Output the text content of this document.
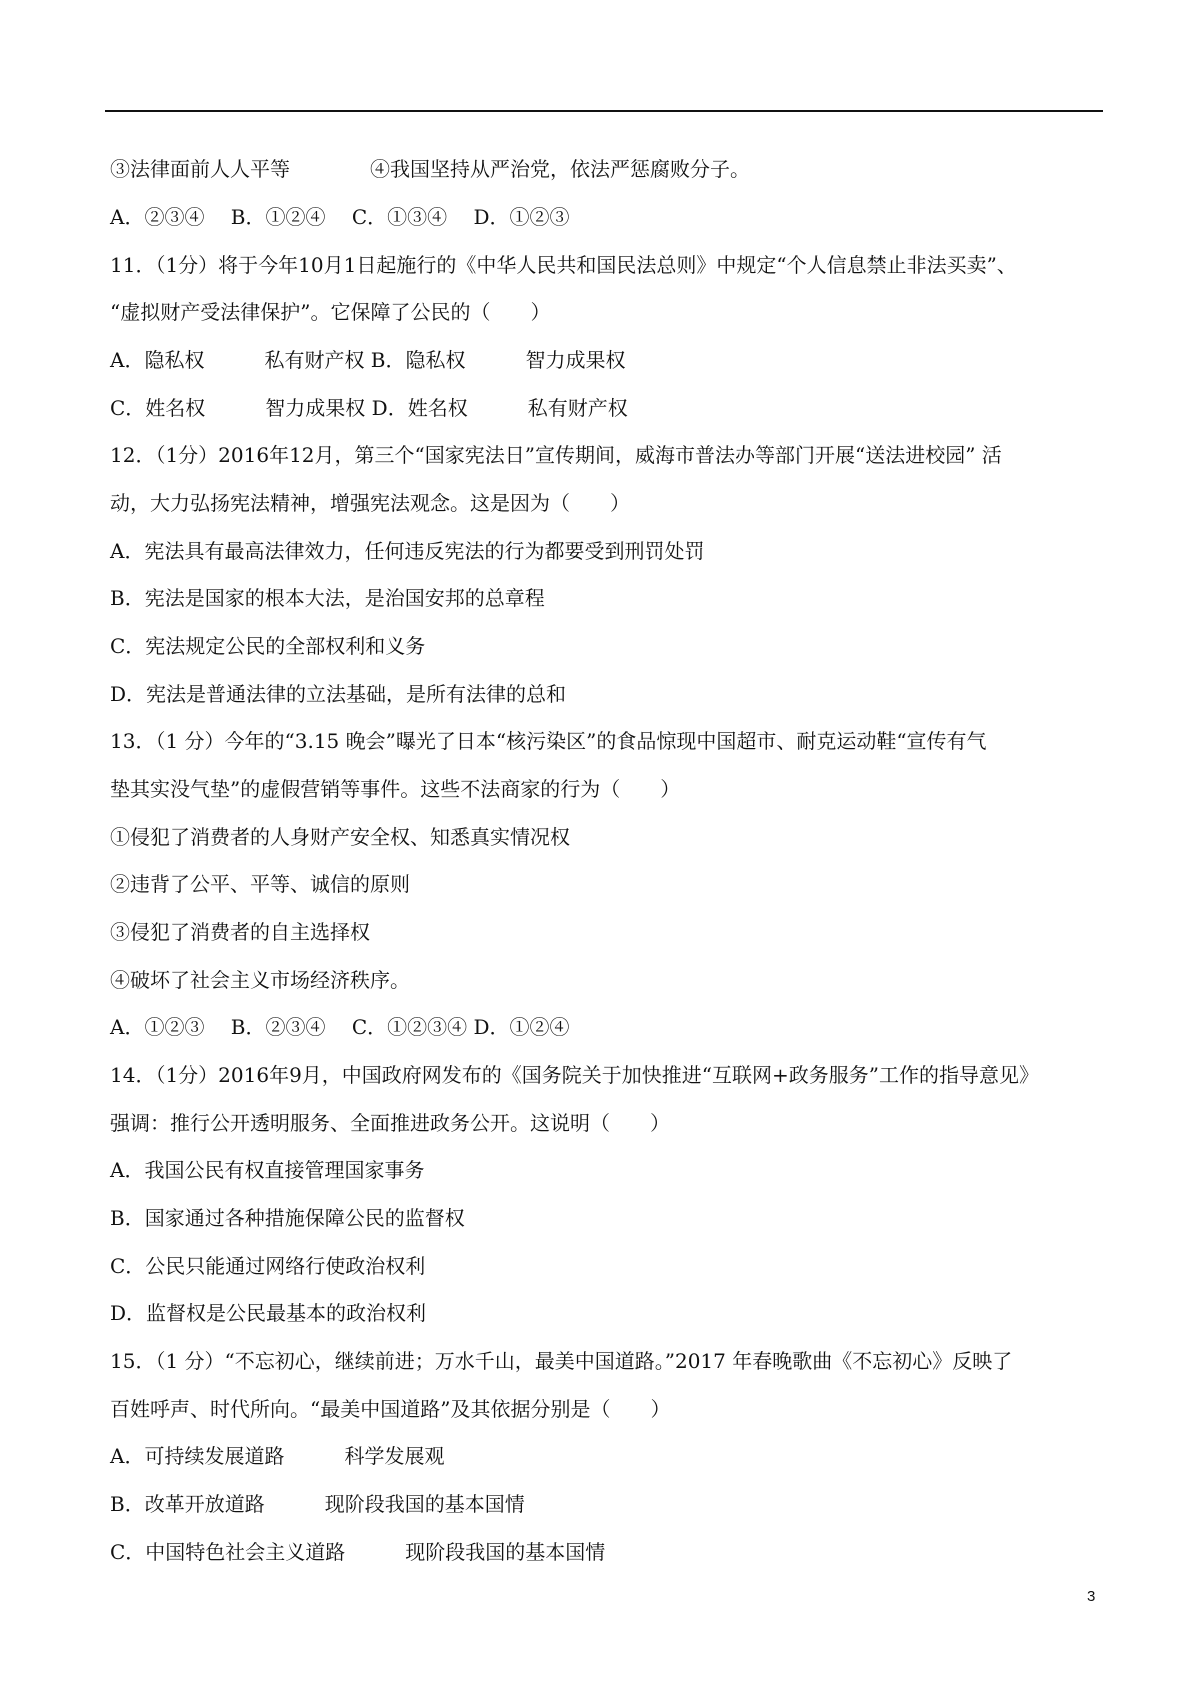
③法律面前人人平等　　　　④我国坚持从严治党，依法严惩腐败分子。
A．②③④　 B．①②④　 C．①③④　 D．①②③
11．（1分）将于今年10月1日起施行的《中华人民共和国民法总则》中规定“个人信息禁止非法买卖”、
“虚拟财产受法律保护”。它保障了公民的（　　）
A．隐私权　　　私有财产权 B．隐私权　　　智力成果权
C．姓名权　　　智力成果权 D．姓名权　　　私有财产权
12．（1分）2016年12月，第三个“国家宪法日”宣传期间，威海市普法办等部门开展“送法进校园” 活
动，大力弘扬宪法精神，增强宪法观念。这是因为（　　）
A．宪法具有最高法律效力，任何违反宪法的行为都要受到刑罚处罚
B．宪法是国家的根本大法，是治国安邦的总章程
C．宪法规定公民的全部权利和义务
D．宪法是普通法律的立法基础，是所有法律的总和
13．（1 分）今年的“3.15 晚会”曝光了日本“核污染区”的食品惊现中国超市、耐克运动鞋“宣传有气
垫其实没气垫”的虚假营销等事件。这些不法商家的行为（　　）
①侵犯了消费者的人身财产安全权、知悉真实情况权
②违背了公平、平等、诚信的原则
③侵犯了消费者的自主选择权
④破坏了社会主义市场经济秩序。
A．①②③　 B．②③④　 C．①②③④ D．①②④
14．（1分）2016年9月，中国政府网发布的《国务院关于加快推进“互联网+政务服务”工作的指导意见》
强调：推行公开透明服务、全面推进政务公开。这说明（　　）
A．我国公民有权直接管理国家事务
B．国家通过各种措施保障公民的监督权
C．公民只能通过网络行使政治权利
D．监督权是公民最基本的政治权利
15．（1 分）“不忘初心，继续前进；万水千山，最美中国道路。”2017 年春晚歌曲《不忘初心》反映了
百姓呼声、时代所向。“最美中国道路”及其依据分别是（　　）
A．可持续发展道路　　　科学发展观
B．改革开放道路　　　现阶段我国的基本国情
C．中国特色社会主义道路　　　现阶段我国的基本国情
3
